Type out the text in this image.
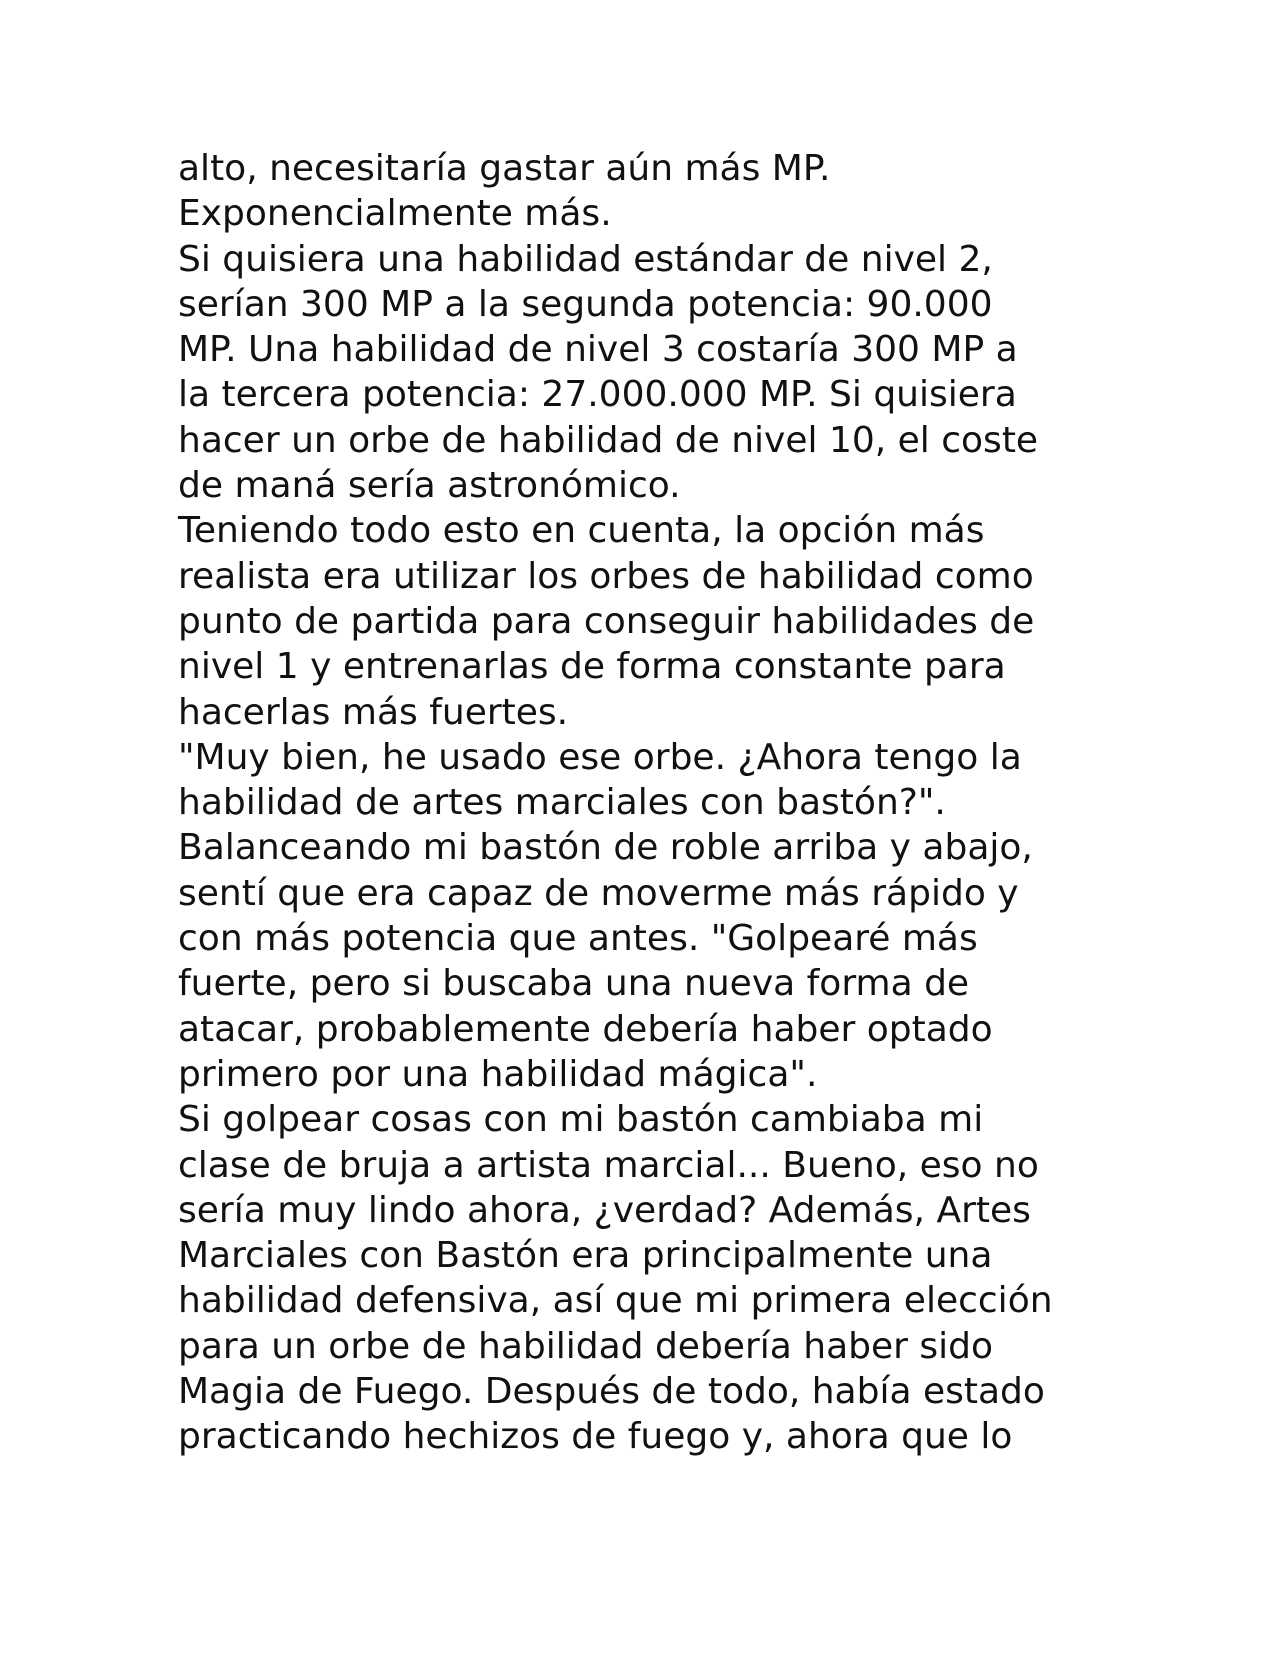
alto, necesitaría gastar aún más MP.
Exponencialmente más.
Si quisiera una habilidad estándar de nivel 2,
serían 300 MP a la segunda potencia: 90.000
MP. Una habilidad de nivel 3 costaría 300 MP a
la tercera potencia: 27.000.000 MP. Si quisiera
hacer un orbe de habilidad de nivel 10, el coste
de maná sería astronómico.
Teniendo todo esto en cuenta, la opción más
realista era utilizar los orbes de habilidad como
punto de partida para conseguir habilidades de
nivel 1 y entrenarlas de forma constante para
hacerlas más fuertes.
"Muy bien, he usado ese orbe. ¿Ahora tengo la
habilidad de artes marciales con bastón?".
Balanceando mi bastón de roble arriba y abajo,
sentí que era capaz de moverme más rápido y
con más potencia que antes. "Golpearé más
fuerte, pero si buscaba una nueva forma de
atacar, probablemente debería haber optado
primero por una habilidad mágica".
Si golpear cosas con mi bastón cambiaba mi
clase de bruja a artista marcial... Bueno, eso no
sería muy lindo ahora, ¿verdad? Además, Artes
Marciales con Bastón era principalmente una
habilidad defensiva, así que mi primera elección
para un orbe de habilidad debería haber sido
Magia de Fuego. Después de todo, había estado
practicando hechizos de fuego y, ahora que lo
